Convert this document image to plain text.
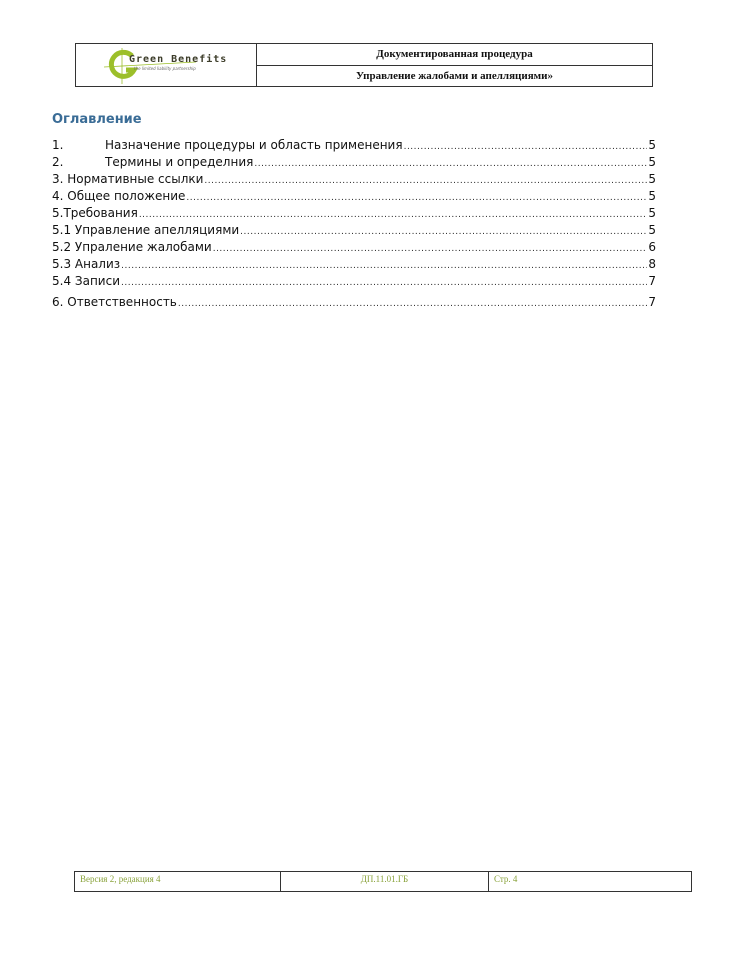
Green Benefits
the limited liability partnership
Документированная процедура
Управление жалобами и апелляциями»
Оглавление
1.	Назначение процедуры и область применения .....	5
2.	Термины и определния .....	5
3. Нормативные ссылки .....	5
4. Общее положение .....	5
5.Требования .....	5
5.1 Управление апелляциями .....	5
5.2 Упраление жалобами .....	6
5.3 Анализ .....	8
5.4 Записи .....	7
6. Ответственность .....	7
Версия 2, редакция 4	ДП.11.01.ГБ	Стр. 4
